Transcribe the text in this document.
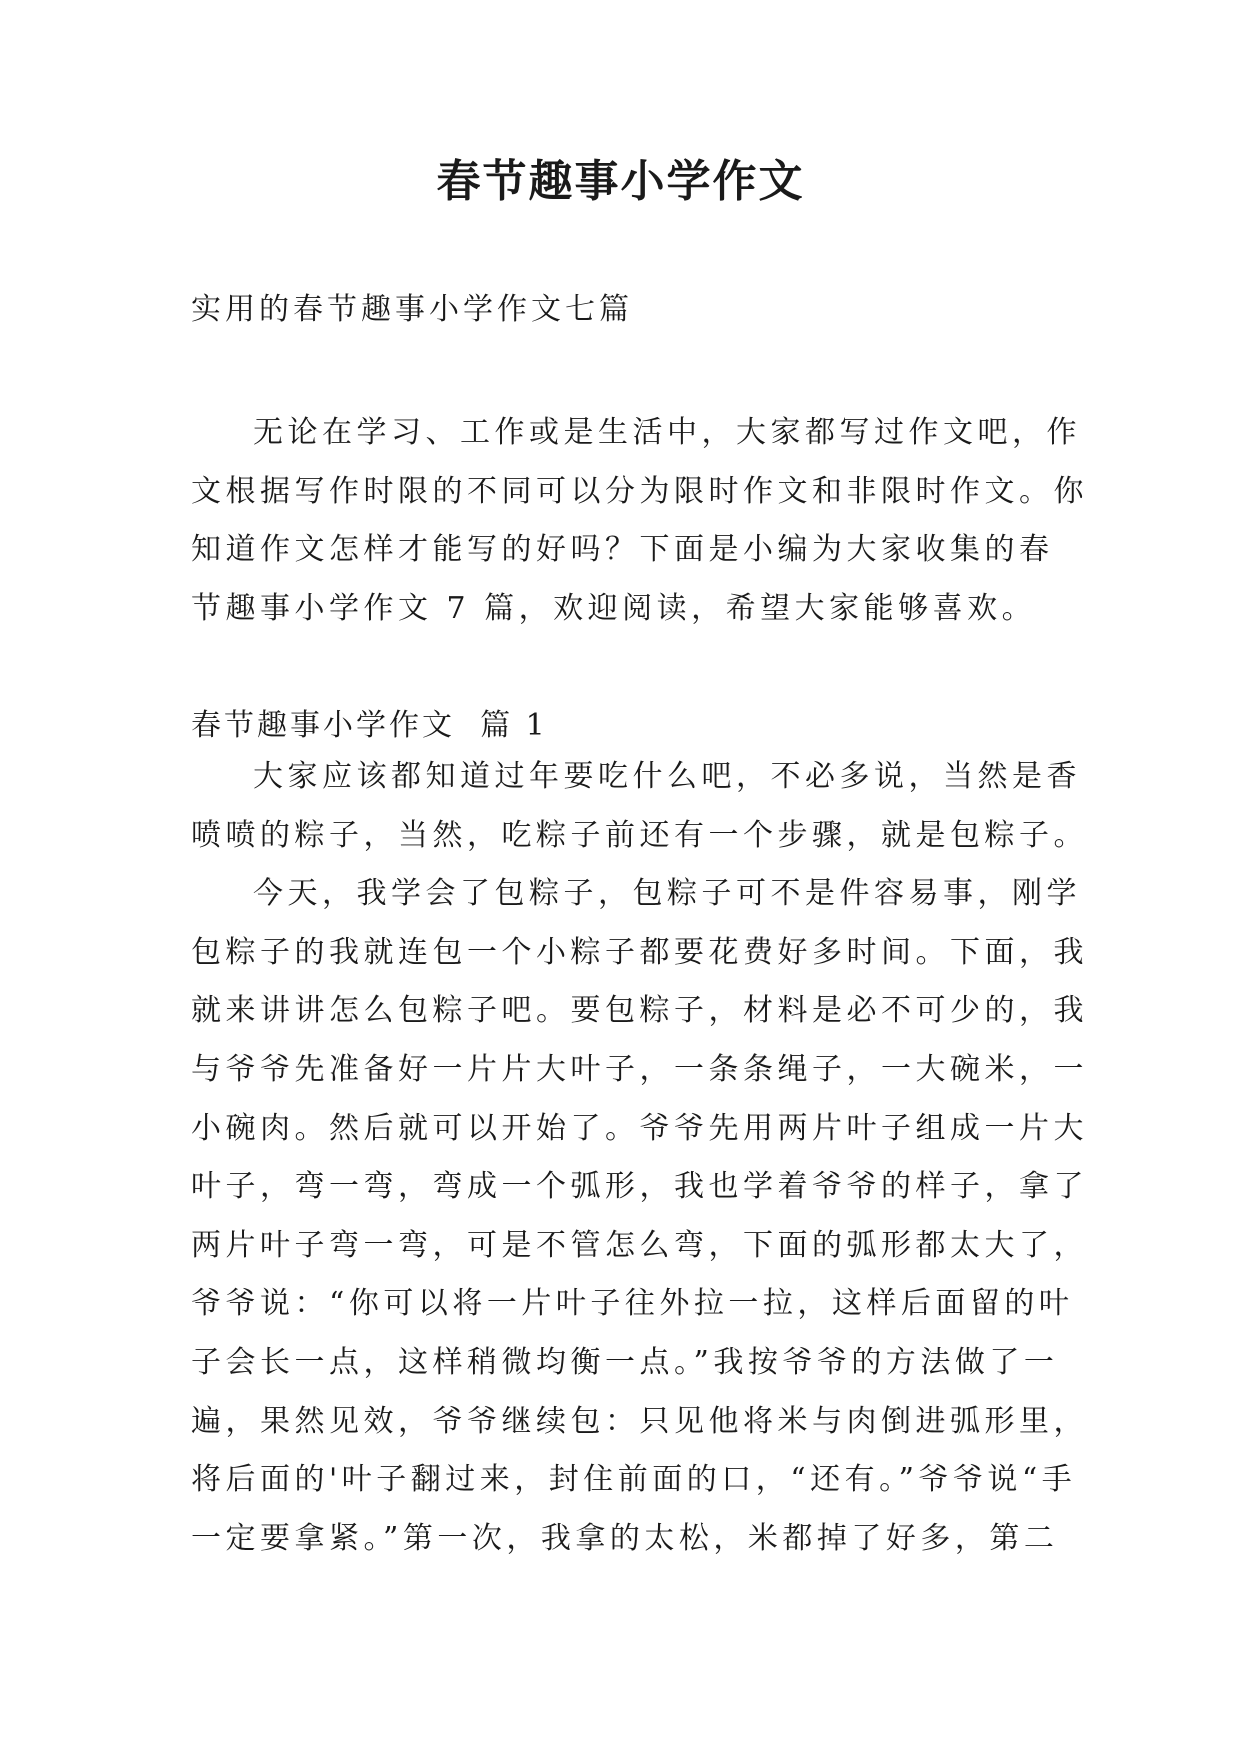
春节趣事小学作文
实用的春节趣事小学作文七篇
无论在学习、工作或是生活中，大家都写过作文吧，作
文根据写作时限的不同可以分为限时作文和非限时作文。你
知道作文怎样才能写的好吗？下面是小编为大家收集的春
节趣事小学作文 7 篇，欢迎阅读，希望大家能够喜欢。
春节趣事小学作文  篇 1
大家应该都知道过年要吃什么吧，不必多说，当然是香
喷喷的粽子，当然，吃粽子前还有一个步骤，就是包粽子。
今天，我学会了包粽子，包粽子可不是件容易事，刚学
包粽子的我就连包一个小粽子都要花费好多时间。下面，我
就来讲讲怎么包粽子吧。要包粽子，材料是必不可少的，我
与爷爷先准备好一片片大叶子，一条条绳子，一大碗米，一
小碗肉。然后就可以开始了。爷爷先用两片叶子组成一片大
叶子，弯一弯，弯成一个弧形，我也学着爷爷的样子，拿了
两片叶子弯一弯，可是不管怎么弯，下面的弧形都太大了，
爷爷说：“你可以将一片叶子往外拉一拉，这样后面留的叶
子会长一点，这样稍微均衡一点。”我按爷爷的方法做了一
遍，果然见效，爷爷继续包：只见他将米与肉倒进弧形里，
将后面的'叶子翻过来，封住前面的口，“还有。”爷爷说“手
一定要拿紧。”第一次，我拿的太松，米都掉了好多，第二
